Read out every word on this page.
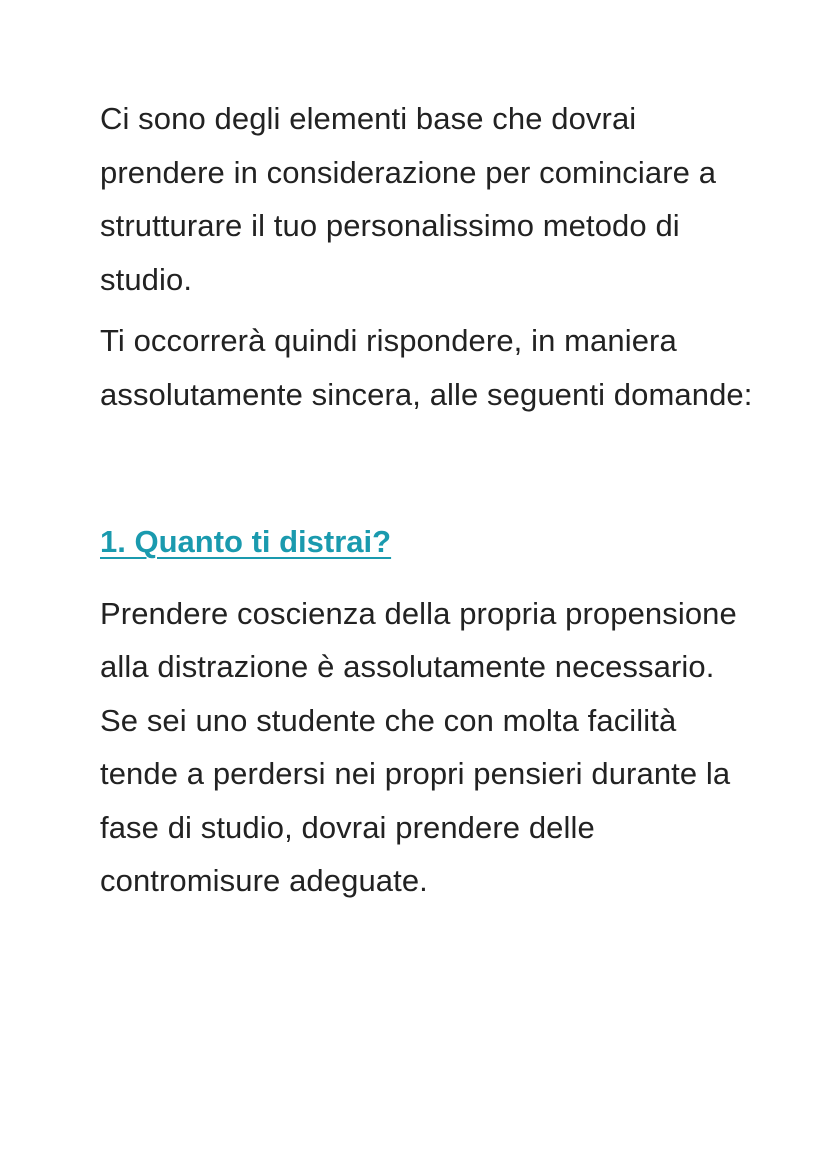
Ci sono degli elementi base che dovrai prendere in considerazione per cominciare a strutturare il tuo personalissimo metodo di studio.

Ti occorrerà quindi rispondere, in maniera assolutamente sincera, alle seguenti domande:

1. Quanto ti distrai?

Prendere coscienza della propria propensione alla distrazione è assolutamente necessario. Se sei uno studente che con molta facilità tende a perdersi nei propri pensieri durante la fase di studio, dovrai prendere delle contromisure adeguate.
